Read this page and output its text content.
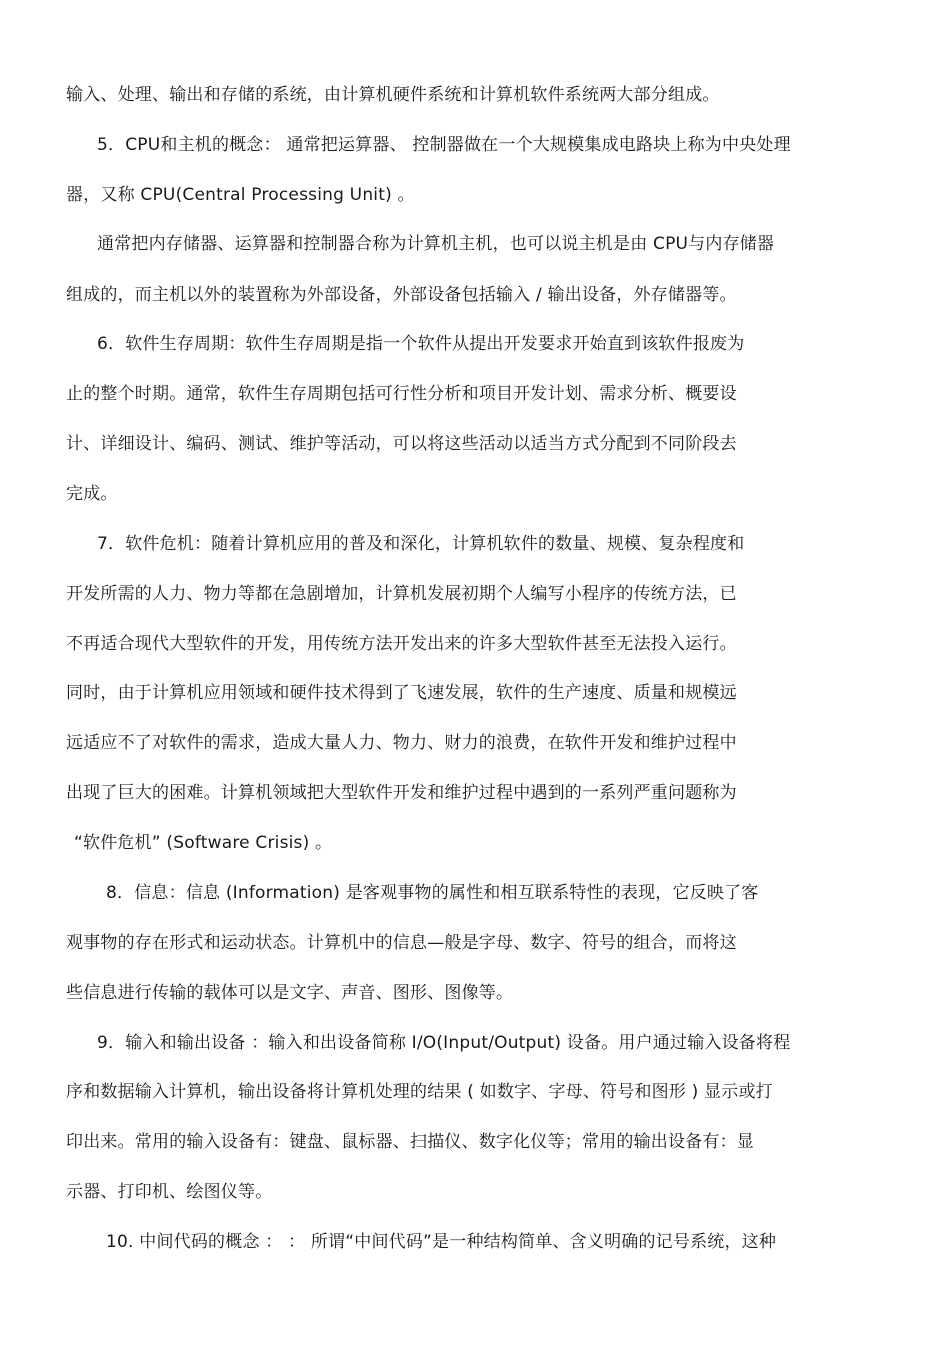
输入、处理、输出和存储的系统，由计算机硬件系统和计算机软件系统两大部分组成。
5．CPU和主机的概念： 通常把运算器、 控制器做在一个大规模集成电路块上称为中央处理
器，又称 CPU(Central Processing Unit) 。
通常把内存储器、运算器和控制器合称为计算机主机，也可以说主机是由 CPU与内存储器
组成的，而主机以外的装置称为外部设备，外部设备包括输入 / 输出设备，外存储器等。
6．软件生存周期：软件生存周期是指一个软件从提出开发要求开始直到该软件报废为
止的整个时期。通常，软件生存周期包括可行性分析和项目开发计划、需求分析、概要设
计、详细设计、编码、测试、维护等活动，可以将这些活动以适当方式分配到不同阶段去
完成。
7．软件危机：随着计算机应用的普及和深化，计算机软件的数量、规模、复杂程度和
开发所需的人力、物力等都在急剧增加，计算机发展初期个人编写小程序的传统方法，已
不再适合现代大型软件的开发，用传统方法开发出来的许多大型软件甚至无法投入运行。
同时，由于计算机应用领域和硬件技术得到了飞速发展，软件的生产速度、质量和规模远
远适应不了对软件的需求，造成大量人力、物力、财力的浪费，在软件开发和维护过程中
出现了巨大的困难。计算机领域把大型软件开发和维护过程中遇到的一系列严重问题称为
“软件危机” (Software Crisis) 。
8．信息：信息 (Information) 是客观事物的属性和相互联系特性的表现，它反映了客
观事物的存在形式和运动状态。计算机中的信息—般是字母、数字、符号的组合，而将这
些信息进行传输的载体可以是文字、声音、图形、图像等。
9．输入和输出设备 ：输入和出设备简称 I/O(Input/Output) 设备。用户通过输入设备将程
序和数据输入计算机，输出设备将计算机处理的结果 ( 如数字、字母、符号和图形 ) 显示或打
印出来。常用的输入设备有：键盘、鼠标器、扫描仪、数字化仪等；常用的输出设备有：显
示器、打印机、绘图仪等。
10. 中间代码的概念 ： ： 所谓“中间代码”是一种结构简单、含义明确的记号系统，这种
